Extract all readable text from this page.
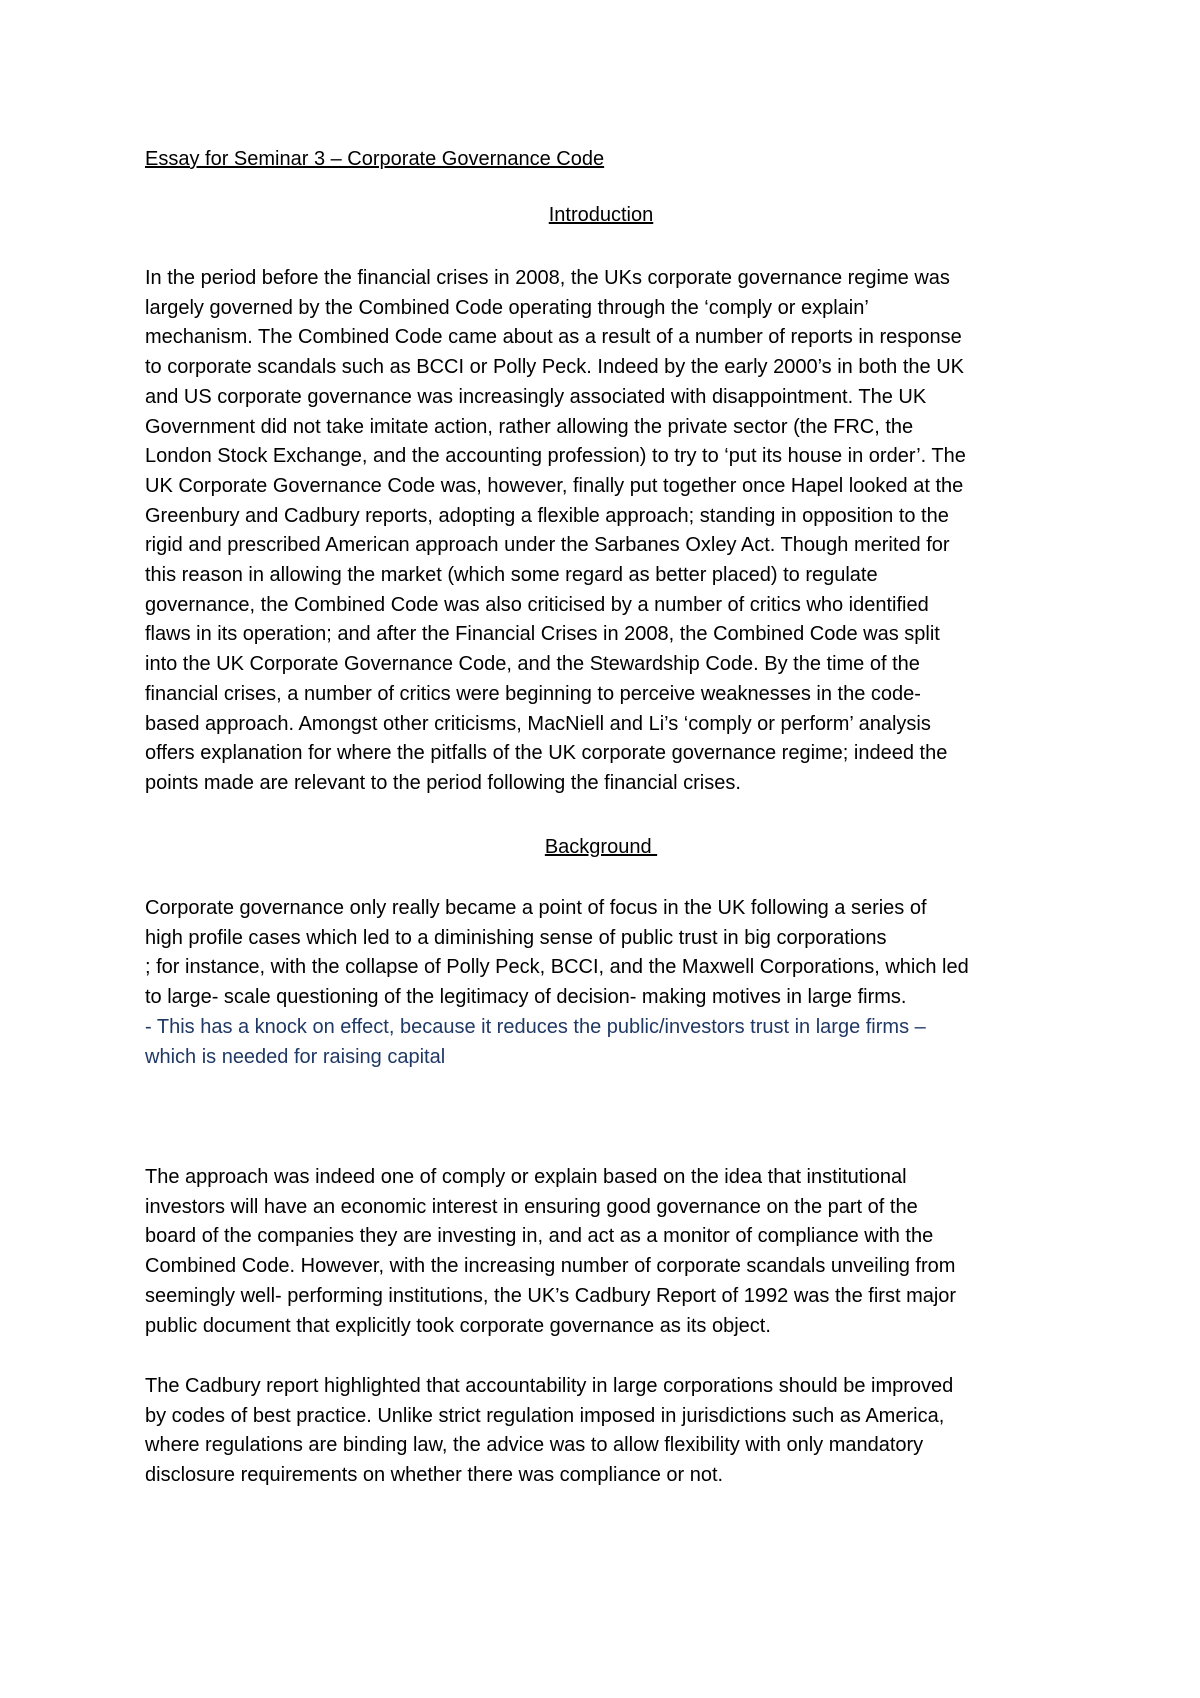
Essay for Seminar 3 – Corporate Governance Code
Introduction
In the period before the financial crises in 2008, the UKs corporate governance regime was
largely governed by the Combined Code operating through the ‘comply or explain’
mechanism. The Combined Code came about as a result of a number of reports in response
to corporate scandals such as BCCI or Polly Peck. Indeed by the early 2000’s in both the UK
and US corporate governance was increasingly associated with disappointment. The UK
Government did not take imitate action, rather allowing the private sector (the FRC, the
London Stock Exchange, and the accounting profession) to try to ‘put its house in order’. The
UK Corporate Governance Code was, however, finally put together once Hapel looked at the
Greenbury and Cadbury reports, adopting a flexible approach; standing in opposition to the
rigid and prescribed American approach under the Sarbanes Oxley Act. Though merited for
this reason in allowing the market (which some regard as better placed) to regulate
governance, the Combined Code was also criticised by a number of critics who identified
flaws in its operation; and after the Financial Crises in 2008, the Combined Code was split
into the UK Corporate Governance Code, and the Stewardship Code. By the time of the
financial crises, a number of critics were beginning to perceive weaknesses in the code-
based approach. Amongst other criticisms, MacNiell and Li’s ‘comply or perform’ analysis
offers explanation for where the pitfalls of the UK corporate governance regime; indeed the
points made are relevant to the period following the financial crises.
Background
Corporate governance only really became a point of focus in the UK following a series of
high profile cases which led to a diminishing sense of public trust in big corporations
; for instance, with the collapse of Polly Peck, BCCI, and the Maxwell Corporations, which led
to large- scale questioning of the legitimacy of decision- making motives in large firms.
- This has a knock on effect, because it reduces the public/investors trust in large firms –
which is needed for raising capital
The approach was indeed one of comply or explain based on the idea that institutional
investors will have an economic interest in ensuring good governance on the part of the
board of the companies they are investing in, and act as a monitor of compliance with the
Combined Code. However, with the increasing number of corporate scandals unveiling from
seemingly well- performing institutions, the UK’s Cadbury Report of 1992 was the first major
public document that explicitly took corporate governance as its object.
The Cadbury report highlighted that accountability in large corporations should be improved
by codes of best practice. Unlike strict regulation imposed in jurisdictions such as America,
where regulations are binding law, the advice was to allow flexibility with only mandatory
disclosure requirements on whether there was compliance or not.
